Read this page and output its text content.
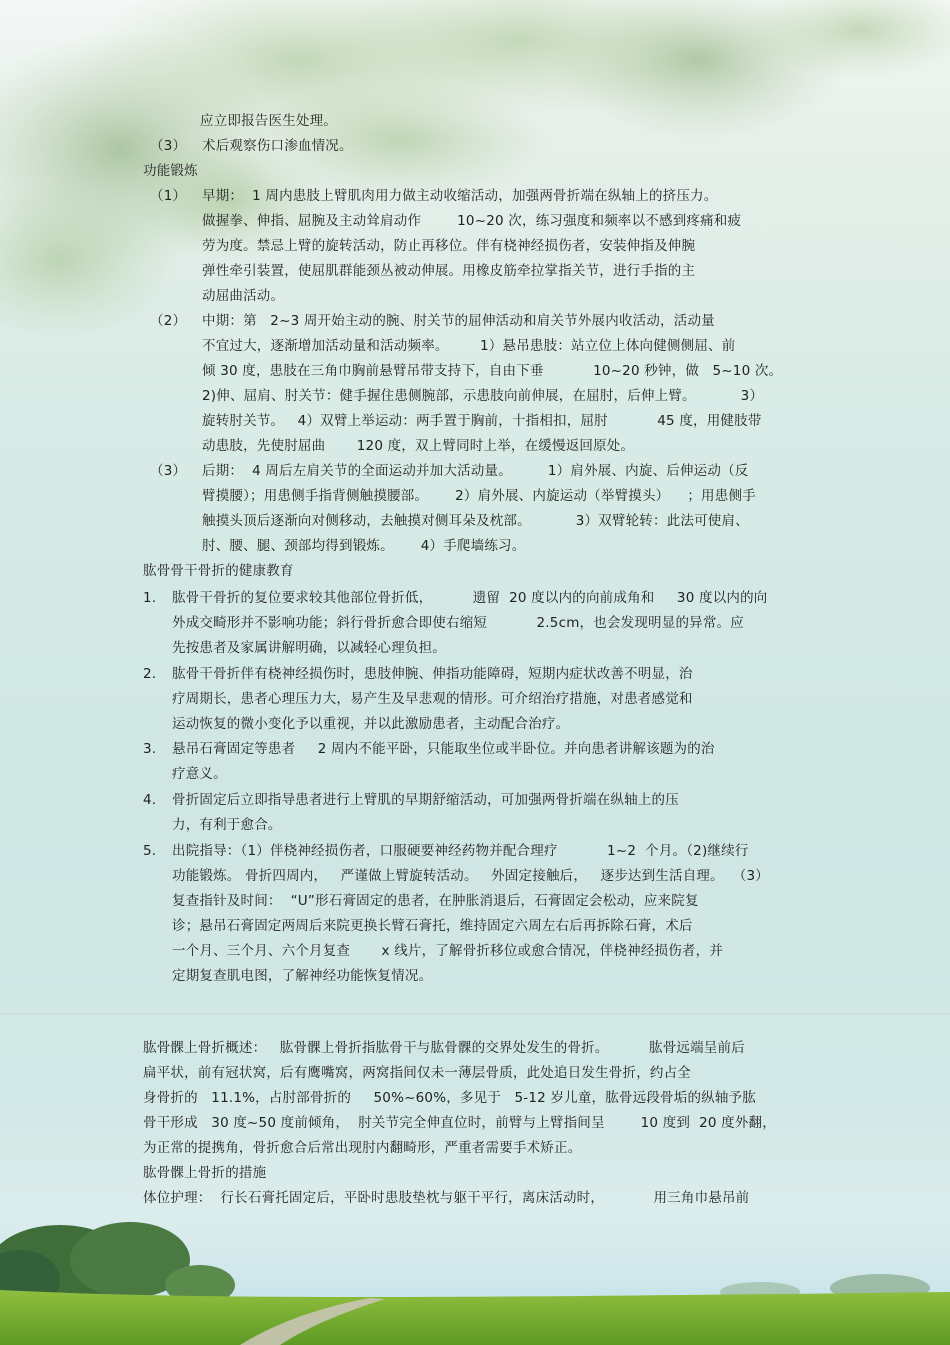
应立即报告医生处理。
（3） 术后观察伤口渗血情况。
功能锻炼
（1） 早期：  1 周内患肢上臂肌肉用力做主动收缩活动，加强两骨折端在纵轴上的挤压力。
做握拳、伸指、屈腕及主动耸肩动作        10~20 次，练习强度和频率以不感到疼痛和疲
劳为度。禁忌上臂的旋转活动，防止再移位。伴有桡神经损伤者，安装伸指及伸腕
弹性牵引装置，使屈肌群能颈丛被动伸展。用橡皮筋牵拉掌指关节，进行手指的主
动屈曲活动。
（2） 中期：第   2~3 周开始主动的腕、肘关节的屈伸活动和肩关节外展内收活动，活动量
不宜过大，逐渐增加活动量和活动频率。       1）悬吊患肢：站立位上体向健侧侧屈、前
倾 30 度，患肢在三角巾胸前悬臂吊带支持下，自由下垂           10~20 秒钟，做   5~10 次。
2)伸、屈肩、肘关节：健手握住患侧腕部，示患肢向前伸展，在屈肘，后伸上臂。          3）
旋转肘关节。   4）双臂上举运动：两手置于胸前，十指相扣，屈肘           45 度，用健肢带
动患肢，先使肘屈曲       120 度，双上臂同时上举，在缓慢返回原处。
（3） 后期：  4 周后左肩关节的全面运动并加大活动量。        1）肩外展、内旋、后伸运动（反
臂摸腰）；用患侧手指背侧触摸腰部。      2）肩外展、内旋运动（举臂摸头）    ；用患侧手
触摸头顶后逐渐向对侧移动，去触摸对侧耳朵及枕部。          3）双臂轮转：此法可使肩、
肘、腰、腿、颈部均得到锻炼。      4）手爬墙练习。
肱骨骨干骨折的健康教育
1. 肱骨干骨折的复位要求较其他部位骨折低，         遗留  20 度以内的向前成角和     30 度以内的向
外成交畸形并不影响功能；斜行骨折愈合即使右缩短           2.5cm，也会发现明显的异常。应
先按患者及家属讲解明确，以减轻心理负担。
2. 肱骨干骨折伴有桡神经损伤时，患肢伸腕、伸指功能障碍，短期内症状改善不明显，治
疗周期长，患者心理压力大，易产生及早悲观的情形。可介绍治疗措施，对患者感觉和
运动恢复的微小变化予以重视，并以此激励患者，主动配合治疗。
3. 悬吊石膏固定等患者     2 周内不能平卧，只能取坐位或半卧位。并向患者讲解该题为的治
疗意义。
4. 骨折固定后立即指导患者进行上臂肌的早期舒缩活动，可加强两骨折端在纵轴上的压
力，有利于愈合。
5. 出院指导：（1）伴桡神经损伤者，口服硬要神经药物并配合理疗           1~2  个月。（2)继续行
功能锻炼。 骨折四周内，   严谨做上臂旋转活动。   外固定接触后，   逐步达到生活自理。  （3）
复查指针及时间：  “U”形石膏固定的患者，在肿胀消退后，石膏固定会松动，应来院复
诊；悬吊石膏固定两周后来院更换长臂石膏托，维持固定六周左右后再拆除石膏，术后
一个月、三个月、六个月复查       x 线片，了解骨折移位或愈合情况，伴桡神经损伤者，并
定期复查肌电图，了解神经功能恢复情况。
肱骨髁上骨折概述：   肱骨髁上骨折指肱骨干与肱骨髁的交界处发生的骨折。         肱骨远端呈前后
扁平状，前有冠状窝，后有鹰嘴窝，两窝指间仅未一薄层骨质，此处追日发生骨折，约占全
身骨折的   11.1%，占肘部骨折的     50%~60%，多见于   5-12 岁儿童，肱骨远段骨垢的纵轴予肱
骨干形成   30 度~50 度前倾角，  肘关节完全伸直位时，前臂与上臂指间呈        10 度到  20 度外翻，
为正常的提携角，骨折愈合后常出现肘内翻畸形，严重者需要手术矫正。
肱骨髁上骨折的措施
体位护理：  行长石膏托固定后，平卧时患肢垫枕与躯干平行，离床活动时，           用三角巾悬吊前
